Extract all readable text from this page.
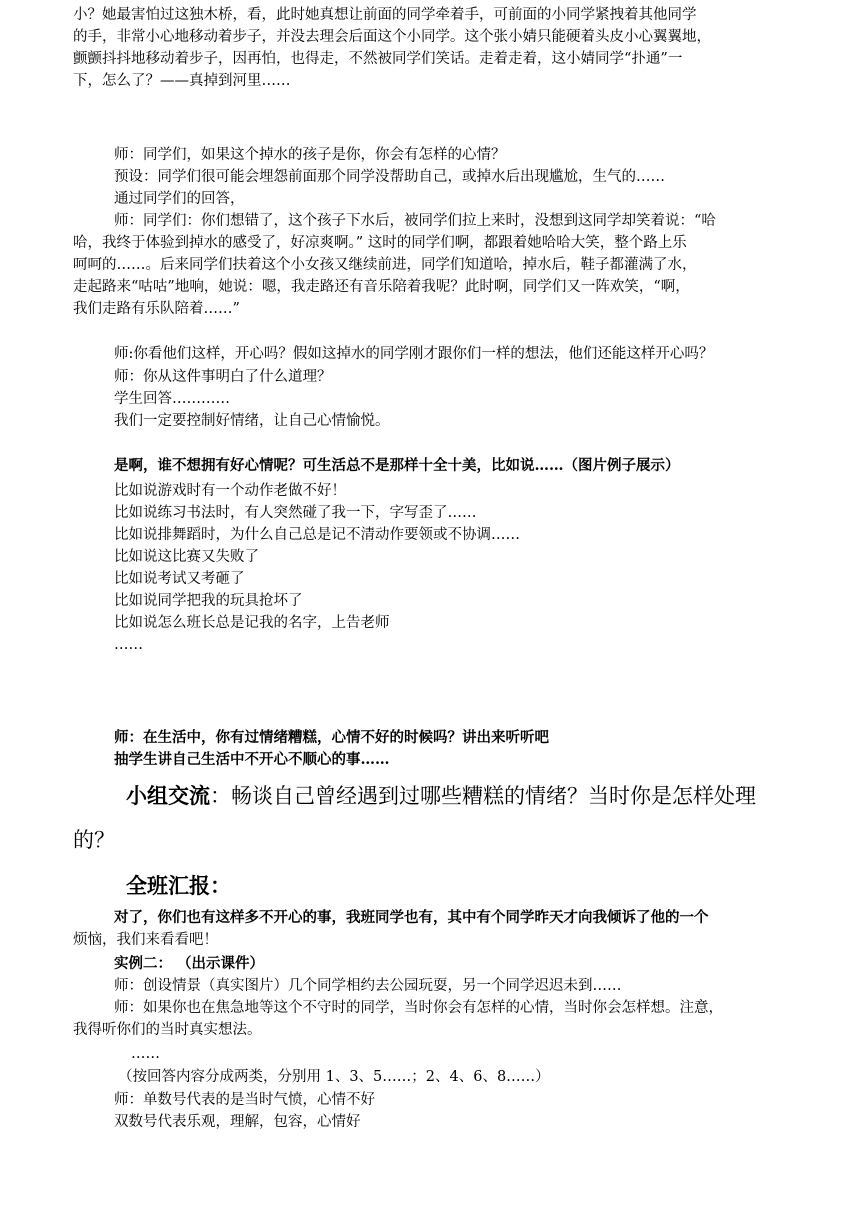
小？她最害怕过这独木桥，看，此时她真想让前面的同学牵着手，可前面的小同学紧拽着其他同学
的手，非常小心地移动着步子，并没去理会后面这个小同学。这个张小婧只能硬着头皮小心翼翼地，
颤颤抖抖地移动着步子，因再怕，也得走，不然被同学们笑话。走着走着，这小婧同学“扑通”一
下，怎么了？——真掉到河里……
师：同学们，如果这个掉水的孩子是你，你会有怎样的心情？
预设：同学们很可能会埋怨前面那个同学没帮助自己，或掉水后出现尴尬，生气的……
通过同学们的回答，
师：同学们：你们想错了，这个孩子下水后，被同学们拉上来时，没想到这同学却笑着说：“哈
哈，我终于体验到掉水的感受了，好凉爽啊。” 这时的同学们啊，都跟着她哈哈大笑，整个路上乐
呵呵的……。后来同学们扶着这个小女孩又继续前进，同学们知道哈，掉水后，鞋子都灌满了水，
走起路来“咕咕”地响，她说：嗯，我走路还有音乐陪着我呢？此时啊，同学们又一阵欢笑，“啊，
我们走路有乐队陪着……”
师:你看他们这样，开心吗？假如这掉水的同学刚才跟你们一样的想法，他们还能这样开心吗？
师：你从这件事明白了什么道理？
学生回答…………
我们一定要控制好情绪，让自己心情愉悦。
是啊，谁不想拥有好心情呢？可生活总不是那样十全十美，比如说……（图片例子展示）
比如说游戏时有一个动作老做不好！
比如说练习书法时，有人突然碰了我一下，字写歪了……
比如说排舞蹈时，为什么自己总是记不清动作要领或不协调……
比如说这比赛又失败了
比如说考试又考砸了
比如说同学把我的玩具抢坏了
比如说怎么班长总是记我的名字，上告老师
……
师：在生活中，你有过情绪糟糕，心情不好的时候吗？讲出来听听吧
抽学生讲自己生活中不开心不顺心的事……
小组交流：畅谈自己曾经遇到过哪些糟糕的情绪？当时你是怎样处理
的？
全班汇报：
对了，你们也有这样多不开心的事，我班同学也有，其中有个同学昨天才向我倾诉了他的一个
烦恼，我们来看看吧！
实例二： （出示课件）
师：创设情景（真实图片）几个同学相约去公园玩耍，另一个同学迟迟未到……
师：如果你也在焦急地等这个不守时的同学，当时你会有怎样的心情，当时你会怎样想。注意，
我得听你们的当时真实想法。
……
（按回答内容分成两类，分别用 1、3、5……；2、4、6、8……）
师：单数号代表的是当时气愤，心情不好
双数号代表乐观，理解，包容，心情好
